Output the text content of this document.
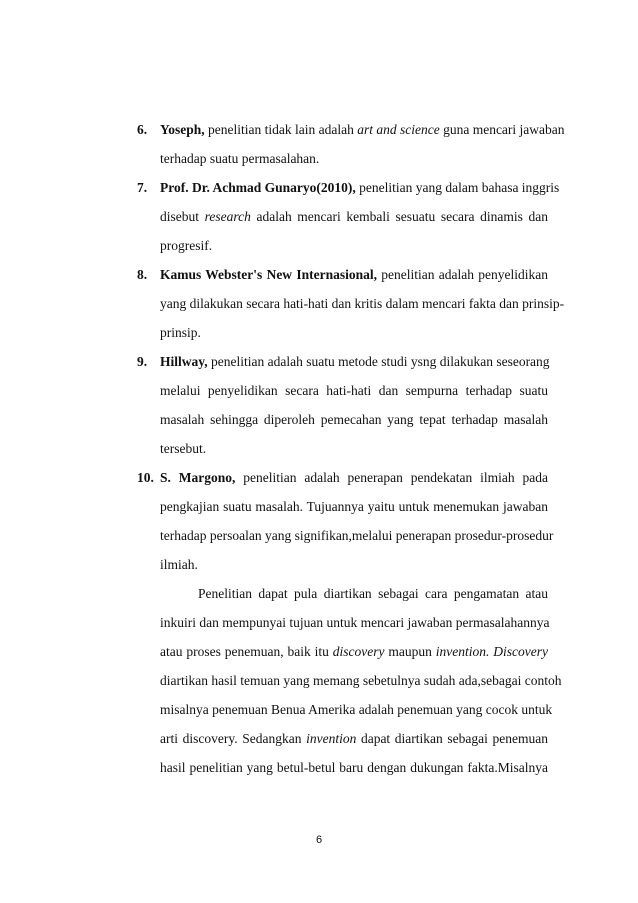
6. Yoseph, penelitian tidak lain adalah art and science guna mencari jawaban
terhadap suatu permasalahan.
7. Prof. Dr. Achmad Gunaryo(2010), penelitian yang dalam bahasa inggris
disebut research adalah mencari kembali sesuatu secara dinamis dan
progresif.
8. Kamus Webster's New Internasional, penelitian adalah penyelidikan
yang dilakukan secara hati-hati dan kritis dalam mencari fakta dan prinsip-
prinsip.
9. Hillway, penelitian adalah suatu metode studi ysng dilakukan seseorang
melalui penyelidikan secara hati-hati dan sempurna terhadap suatu
masalah sehingga diperoleh pemecahan yang tepat terhadap masalah
tersebut.
10. S. Margono, penelitian adalah penerapan pendekatan ilmiah pada
pengkajian suatu masalah. Tujuannya yaitu untuk menemukan jawaban
terhadap persoalan yang signifikan,melalui penerapan prosedur-prosedur
ilmiah.
Penelitian dapat pula diartikan sebagai cara pengamatan atau
inkuiri dan mempunyai tujuan untuk mencari jawaban permasalahannya
atau proses penemuan, baik itu discovery maupun invention. Discovery
diartikan hasil temuan yang memang sebetulnya sudah ada,sebagai contoh
misalnya penemuan Benua Amerika adalah penemuan yang cocok untuk
arti discovery. Sedangkan invention dapat diartikan sebagai penemuan
hasil penelitian yang betul-betul baru dengan dukungan fakta.Misalnya
6
